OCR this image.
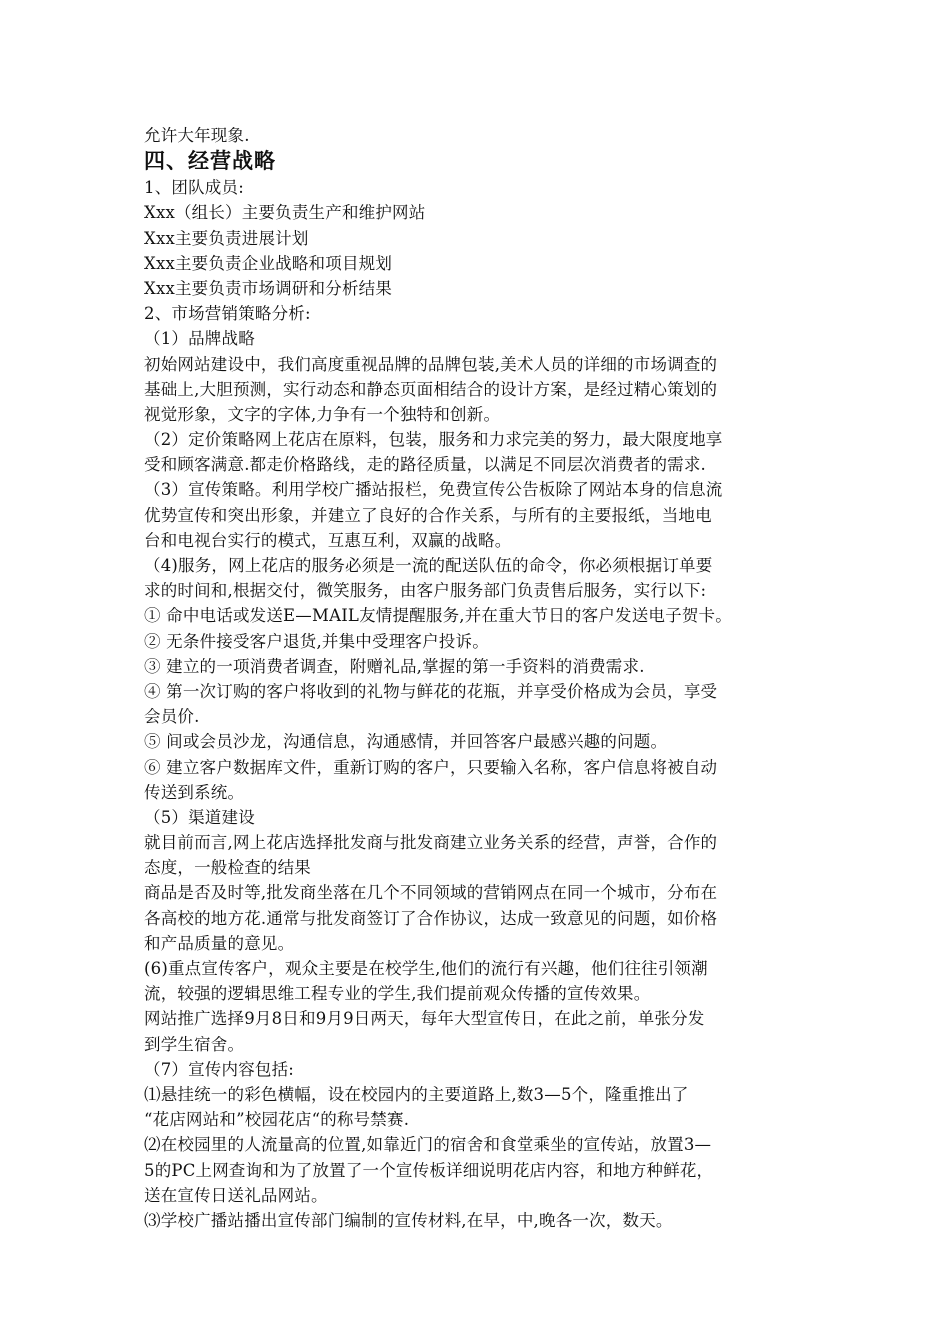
允许大年现象.
四、经营战略
1、团队成员:
Xxx（组长）主要负责生产和维护网站
Xxx主要负责进展计划
Xxx主要负责企业战略和项目规划
Xxx主要负责市场调研和分析结果
2、市场营销策略分析:
（1）品牌战略
初始网站建设中，我们高度重视品牌的品牌包装,美术人员的详细的市场调查的
基础上,大胆预测，实行动态和静态页面相结合的设计方案，是经过精心策划的
视觉形象，文字的字体,力争有一个独特和创新。
（2）定价策略网上花店在原料，包装，服务和力求完美的努力，最大限度地享
受和顾客满意.都走价格路线，走的路径质量，以满足不同层次消费者的需求.
（3）宣传策略。利用学校广播站报栏，免费宣传公告板除了网站本身的信息流
优势宣传和突出形象，并建立了良好的合作关系，与所有的主要报纸，当地电
台和电视台实行的模式，互惠互利，双赢的战略。
（4)服务，网上花店的服务必须是一流的配送队伍的命令，你必须根据订单要
求的时间和,根据交付，微笑服务，由客户服务部门负责售后服务，实行以下:
① 命中电话或发送E—MAIL友情提醒服务,并在重大节日的客户发送电子贺卡。
② 无条件接受客户退货,并集中受理客户投诉。
③ 建立的一项消费者调查，附赠礼品,掌握的第一手资料的消费需求.
④ 第一次订购的客户将收到的礼物与鲜花的花瓶，并享受价格成为会员，享受
会员价.
⑤ 间或会员沙龙，沟通信息，沟通感情，并回答客户最感兴趣的问题。
⑥ 建立客户数据库文件，重新订购的客户，只要输入名称，客户信息将被自动
传送到系统。
（5）渠道建设
就目前而言,网上花店选择批发商与批发商建立业务关系的经营，声誉，合作的
态度，一般检查的结果
商品是否及时等,批发商坐落在几个不同领域的营销网点在同一个城市，分布在
各高校的地方花.通常与批发商签订了合作协议，达成一致意见的问题，如价格
和产品质量的意见。
(6)重点宣传客户，观众主要是在校学生,他们的流行有兴趣，他们往往引领潮
流，较强的逻辑思维工程专业的学生,我们提前观众传播的宣传效果。
网站推广选择9月8日和9月9日两天，每年大型宣传日，在此之前，单张分发
到学生宿舍。
（7）宣传内容包括:
⑴悬挂统一的彩色横幅，设在校园内的主要道路上,数3—5个，隆重推出了
“花店网站和”校园花店“的称号禁赛.
⑵在校园里的人流量高的位置,如靠近门的宿舍和食堂乘坐的宣传站，放置3—
5的PC上网查询和为了放置了一个宣传板详细说明花店内容，和地方种鲜花，
送在宣传日送礼品网站。
⑶学校广播站播出宣传部门编制的宣传材料,在早，中,晚各一次，数天。
